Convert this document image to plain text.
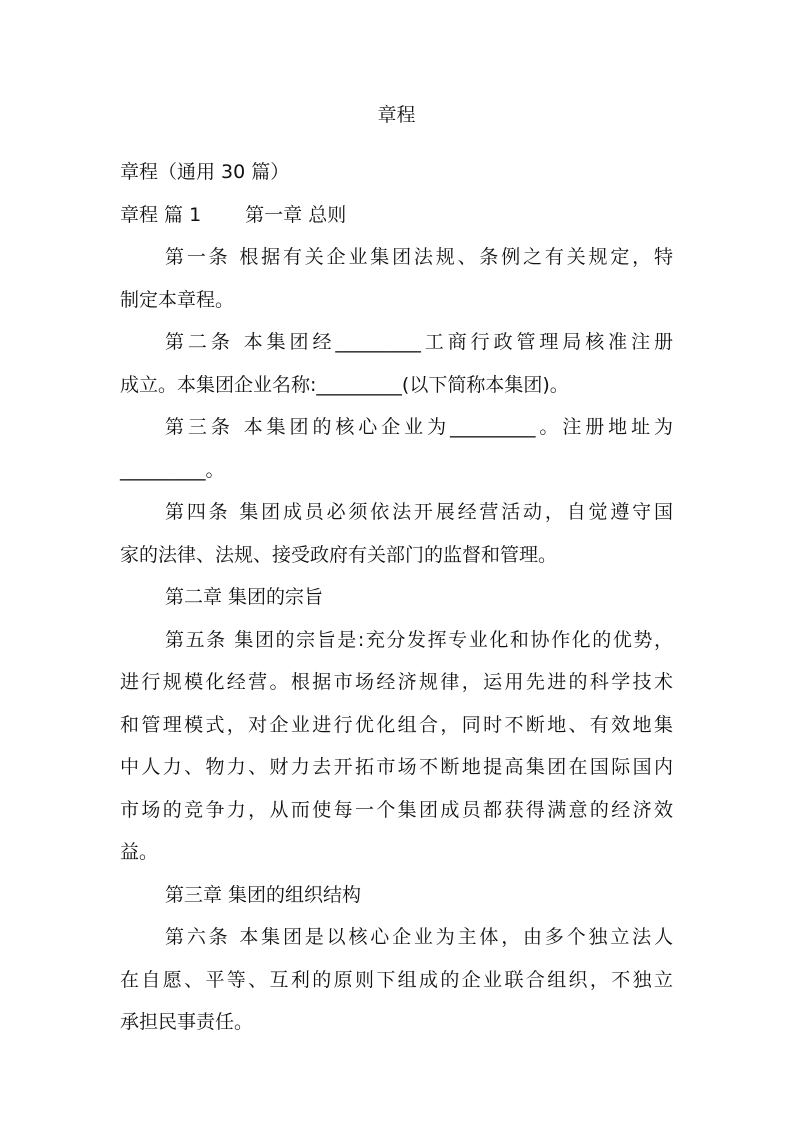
章程
章程（通用 30 篇）
章程 篇 1 第一章 总则
第一条 根据有关企业集团法规、条例之有关规定，特
制定本章程。
第二条 本集团经_________工商行政管理局核准注册
成立。本集团企业名称:_________(以下简称本集团)。
第三条 本集团的核心企业为_________。注册地址为
_________。
第四条 集团成员必须依法开展经营活动，自觉遵守国
家的法律、法规、接受政府有关部门的监督和管理。
第二章 集团的宗旨
第五条 集团的宗旨是:充分发挥专业化和协作化的优势，
进行规模化经营。根据市场经济规律，运用先进的科学技术
和管理模式，对企业进行优化组合，同时不断地、有效地集
中人力、物力、财力去开拓市场不断地提高集团在国际国内
市场的竞争力，从而使每一个集团成员都获得满意的经济效
益。
第三章 集团的组织结构
第六条 本集团是以核心企业为主体，由多个独立法人
在自愿、平等、互利的原则下组成的企业联合组织，不独立
承担民事责任。
